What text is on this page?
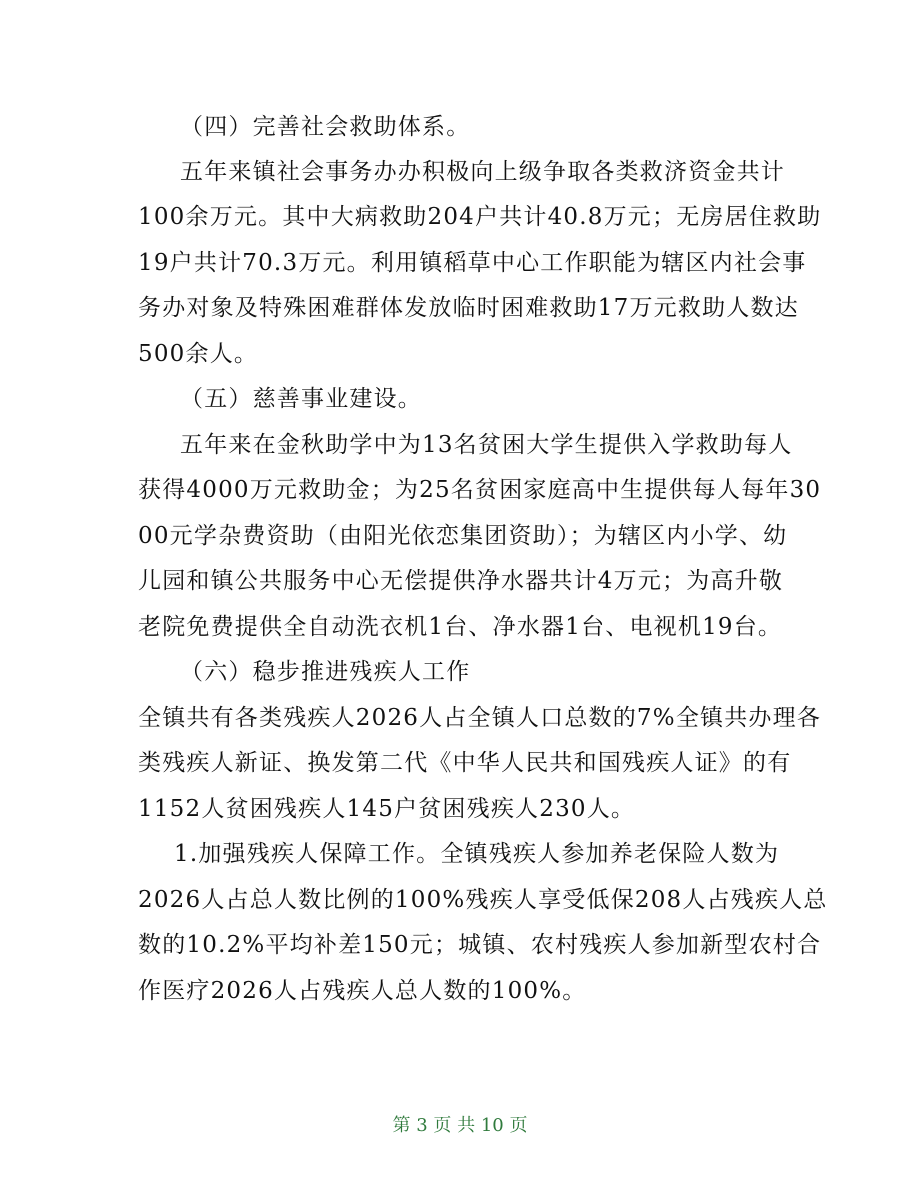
（四）完善社会救助体系。
五年来镇社会事务办办积极向上级争取各类救济资金共计
100余万元。其中大病救助204户共计40.8万元；无房居住救助
19户共计70.3万元。利用镇稻草中心工作职能为辖区内社会事
务办对象及特殊困难群体发放临时困难救助17万元救助人数达
500余人。
（五）慈善事业建设。
五年来在金秋助学中为13名贫困大学生提供入学救助每人
获得4000万元救助金；为25名贫困家庭高中生提供每人每年30
00元学杂费资助（由阳光依恋集团资助）；为辖区内小学、幼
儿园和镇公共服务中心无偿提供净水器共计4万元；为高升敬
老院免费提供全自动洗衣机1台、净水器1台、电视机19台。
（六）稳步推进残疾人工作
全镇共有各类残疾人2026人占全镇人口总数的7%全镇共办理各
类残疾人新证、换发第二代《中华人民共和国残疾人证》的有
1152人贫困残疾人145户贫困残疾人230人。
1.加强残疾人保障工作。全镇残疾人参加养老保险人数为
2026人占总人数比例的100%残疾人享受低保208人占残疾人总
数的10.2%平均补差150元；城镇、农村残疾人参加新型农村合
作医疗2026人占残疾人总人数的100%。
第 3 页 共 10 页
